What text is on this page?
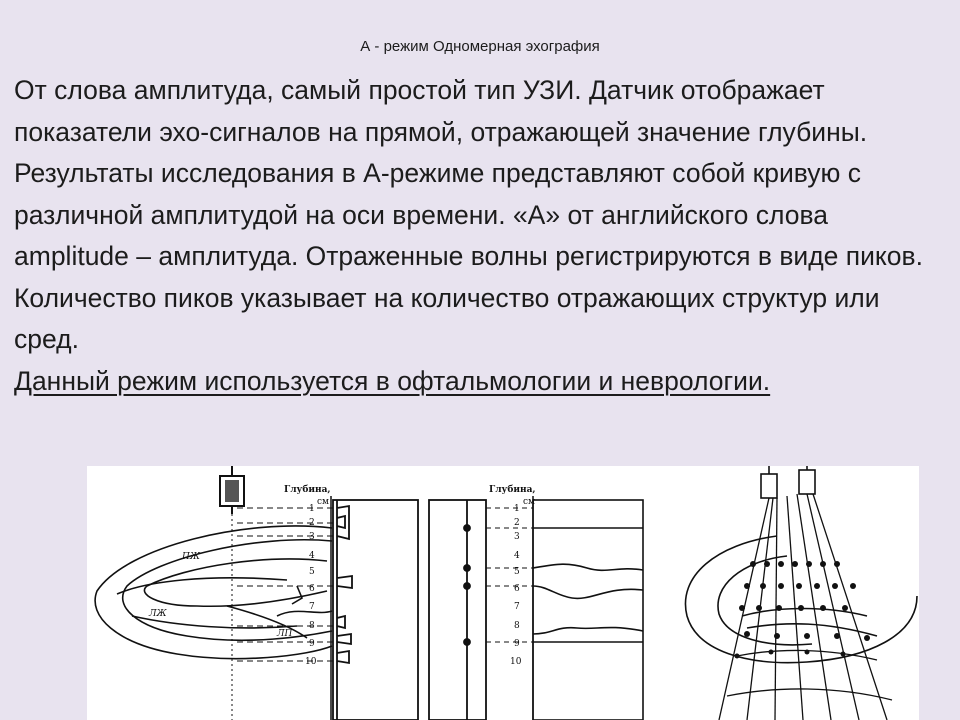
А - режим Одномерная эхография

От слова амплитуда, самый простой тип УЗИ. Датчик отображает показатели эхо-сигналов на прямой, отражающей значение глубины.

Результаты исследования в А-режиме представляют собой кривую с различной амплитудой на оси времени. «А» от английского слова amplitude – амплитуда. Отраженные волны регистрируются в виде пиков. Количество пиков указывает на количество отражающих структур или сред.

Данный режим используется в офтальмологии и неврологии.

ПЖ
ЛЖ
ЛП
Глубина,
см
1
2
3
4
5
6
7
8
9
10
Глубина,
см
1
2
3
4
5
6
7
8
9
10
